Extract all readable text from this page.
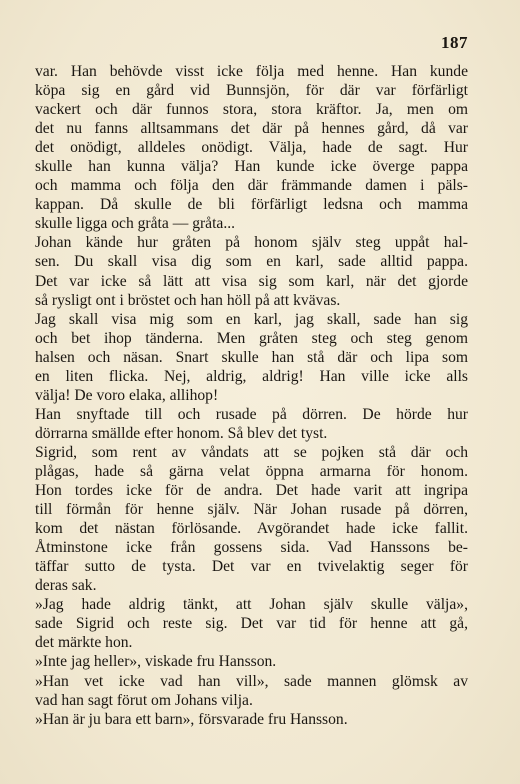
187
var. Han behövde visst icke följa med henne. Han kunde
köpa sig en gård vid Bunnsjön, för där var förfärligt
vackert och där funnos stora, stora kräftor. Ja, men om
det nu fanns alltsammans det där på hennes gård, då var
det onödigt, alldeles onödigt. Välja, hade de sagt. Hur
skulle han kunna välja? Han kunde icke överge pappa
och mamma och följa den där främmande damen i päls-
kappan. Då skulle de bli förfärligt ledsna och mamma
skulle ligga och gråta — gråta...
Johan kände hur gråten på honom själv steg uppåt hal-
sen. Du skall visa dig som en karl, sade alltid pappa.
Det var icke så lätt att visa sig som karl, när det gjorde
så rysligt ont i bröstet och han höll på att kvävas.
Jag skall visa mig som en karl, jag skall, sade han sig
och bet ihop tänderna. Men gråten steg och steg genom
halsen och näsan. Snart skulle han stå där och lipa som
en liten flicka. Nej, aldrig, aldrig! Han ville icke alls
välja! De voro elaka, allihop!
Han snyftade till och rusade på dörren. De hörde hur
dörrarna smällde efter honom. Så blev det tyst.
Sigrid, som rent av våndats att se pojken stå där och
plågas, hade så gärna velat öppna armarna för honom.
Hon tordes icke för de andra. Det hade varit att ingripa
till förmån för henne själv. När Johan rusade på dörren,
kom det nästan förlösande. Avgörandet hade icke fallit.
Åtminstone icke från gossens sida. Vad Hanssons be-
täffar sutto de tysta. Det var en tvivelaktig seger för
deras sak.
»Jag hade aldrig tänkt, att Johan själv skulle välja»,
sade Sigrid och reste sig. Det var tid för henne att gå,
det märkte hon.
»Inte jag heller», viskade fru Hansson.
»Han vet icke vad han vill», sade mannen glömsk av
vad han sagt förut om Johans vilja.
»Han är ju bara ett barn», försvarade fru Hansson.
